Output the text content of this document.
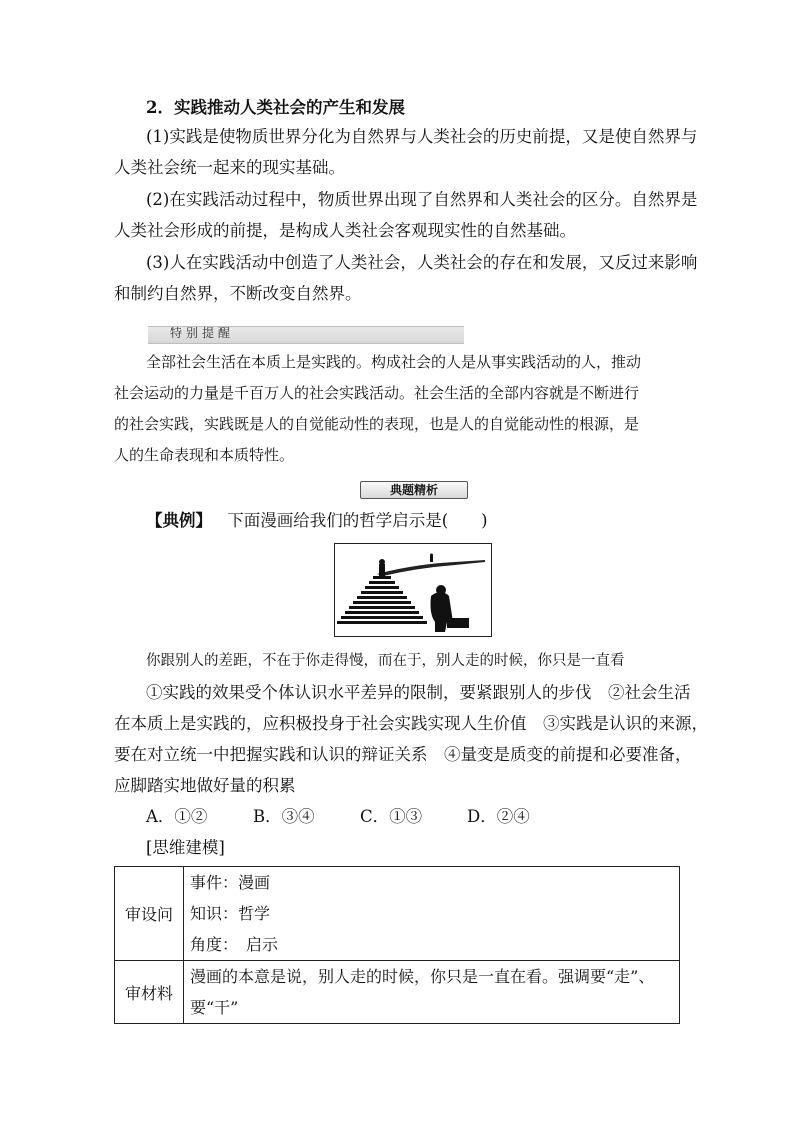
2．实践推动人类社会的产生和发展
(1)实践是使物质世界分化为自然界与人类社会的历史前提，又是使自然界与
人类社会统一起来的现实基础。
(2)在实践活动过程中，物质世界出现了自然界和人类社会的区分。自然界是
人类社会形成的前提，是构成人类社会客观现实性的自然基础。
(3)人在实践活动中创造了人类社会，人类社会的存在和发展，又反过来影响
和制约自然界，不断改变自然界。
特别提醒
全部社会生活在本质上是实践的。构成社会的人是从事实践活动的人，推动
社会运动的力量是千百万人的社会实践活动。社会生活的全部内容就是不断进行
的社会实践，实践既是人的自觉能动性的表现，也是人的自觉能动性的根源，是
人的生命表现和本质特性。
典题精析
【典例】 下面漫画给我们的哲学启示是(　　)
你跟别人的差距，不在于你走得慢，而在于，别人走的时候，你只是一直看
①实践的效果受个体认识水平差异的限制，要紧跟别人的步伐　②社会生活
在本质上是实践的，应积极投身于社会实践实现人生价值　③实践是认识的来源，
要在对立统一中把握实践和认识的辩证关系　④量变是质变的前提和必要准备，
应脚踏实地做好量的积累
A．①②	B．③④	C．①③	D．②④
[思维建模]
审设问	事件：漫画
知识：哲学
角度：　启示

审材料	漫画的本意是说，别人走的时候，你只是一直在看。强调要“走”、
要“干”
